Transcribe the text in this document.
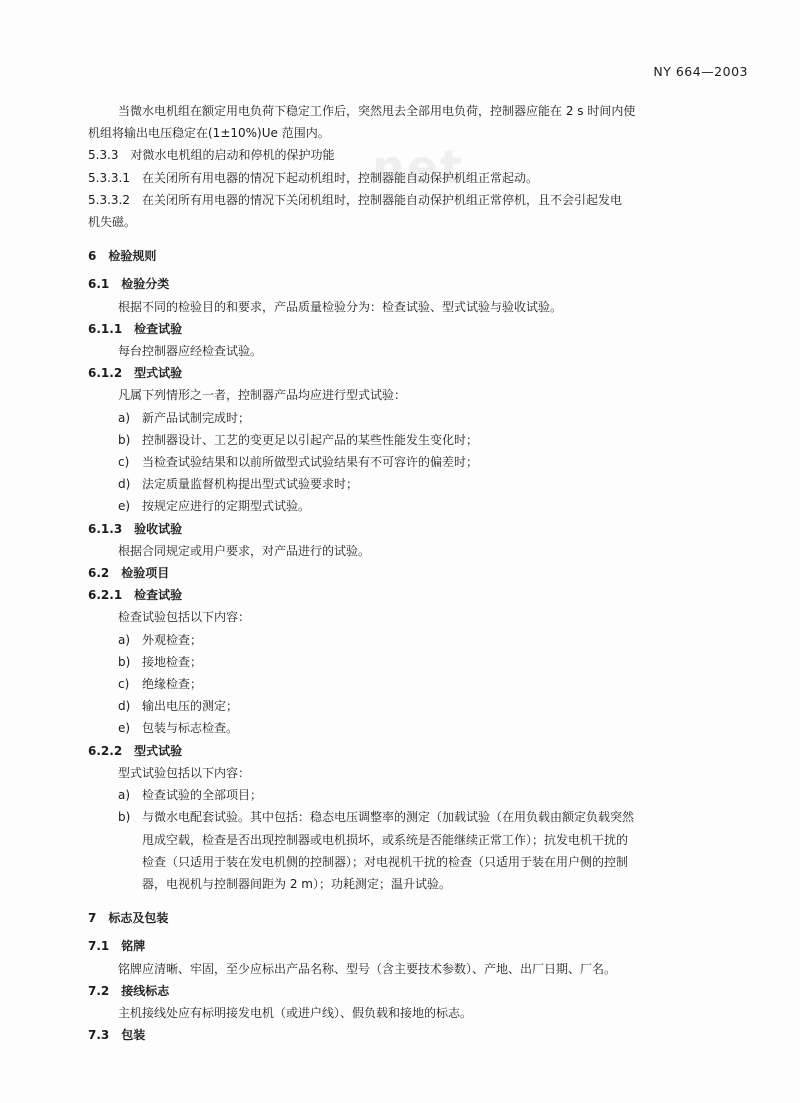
NY 664—2003
net
当微水电机组在额定用电负荷下稳定工作后，突然甩去全部用电负荷，控制器应能在 2 s 时间内使
机组将输出电压稳定在(1±10%)Ue 范围内。
5.3.3　对微水电机组的启动和停机的保护功能
5.3.3.1　在关闭所有用电器的情况下起动机组时，控制器能自动保护机组正常起动。
5.3.3.2　在关闭所有用电器的情况下关闭机组时，控制器能自动保护机组正常停机，且不会引起发电
机失磁。
6　检验规则
6.1　检验分类
根据不同的检验目的和要求，产品质量检验分为：检查试验、型式试验与验收试验。
6.1.1　检查试验
每台控制器应经检查试验。
6.1.2　型式试验
凡属下列情形之一者，控制器产品均应进行型式试验：
a) 新产品试制完成时；
b) 控制器设计、工艺的变更足以引起产品的某些性能发生变化时；
c) 当检查试验结果和以前所做型式试验结果有不可容许的偏差时；
d) 法定质量监督机构提出型式试验要求时；
e) 按规定应进行的定期型式试验。
6.1.3　验收试验
根据合同规定或用户要求，对产品进行的试验。
6.2　检验项目
6.2.1　检查试验
检查试验包括以下内容：
a) 外观检查；
b) 接地检查；
c) 绝缘检查；
d) 输出电压的测定；
e) 包装与标志检查。
6.2.2　型式试验
型式试验包括以下内容：
a) 检查试验的全部项目；
b) 与微水电配套试验。其中包括：稳态电压调整率的测定（加载试验（在用负载由额定负载突然
甩成空载，检查是否出现控制器或电机损坏，或系统是否能继续正常工作）；抗发电机干扰的
检查（只适用于装在发电机侧的控制器）；对电视机干扰的检查（只适用于装在用户侧的控制
器，电视机与控制器间距为 2 m）；功耗测定；温升试验。
7　标志及包装
7.1　铭牌
铭牌应清晰、牢固，至少应标出产品名称、型号（含主要技术参数）、产地、出厂日期、厂名。
7.2　接线标志
主机接线处应有标明接发电机（或进户线）、假负载和接地的标志。
7.3　包装
